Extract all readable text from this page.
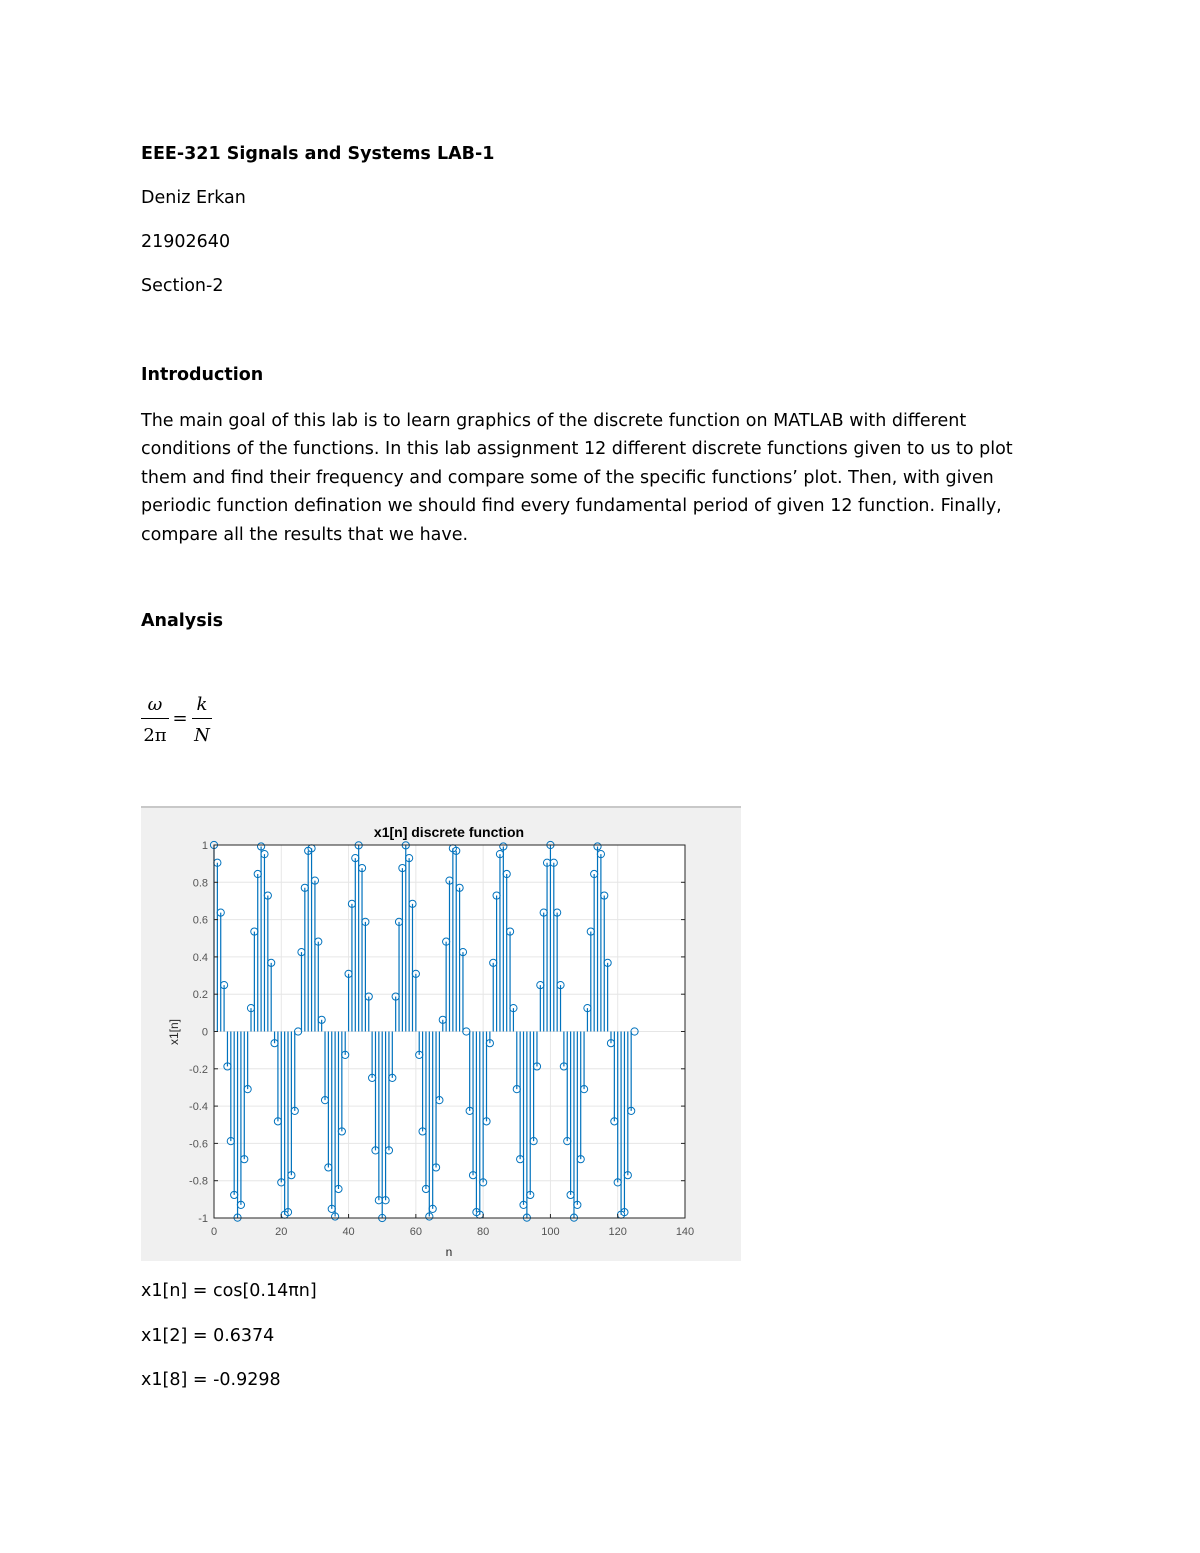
EEE-321 Signals and Systems LAB-1
Deniz Erkan
21902640
Section-2
Introduction
The main goal of this lab is to learn graphics of the discrete function on MATLAB with different conditions of the functions. In this lab assignment 12 different discrete functions given to us to plot them and find their frequency and compare some of the specific functions’ plot. Then, with given periodic function defination we should find every fundamental period of given 12 function. Finally, compare all the results that we have.
Analysis
ω
2π
=
k
N
0	20	40	60	80	100	120	140
1
0.8
0.6
0.4
0.2
0
-0.2
-0.4
-0.6
-0.8
-1
x1[n] discrete function
n
x1[n]
x1[n] = cos[0.14πn]
x1[2] = 0.6374
x1[8] = -0.9298
